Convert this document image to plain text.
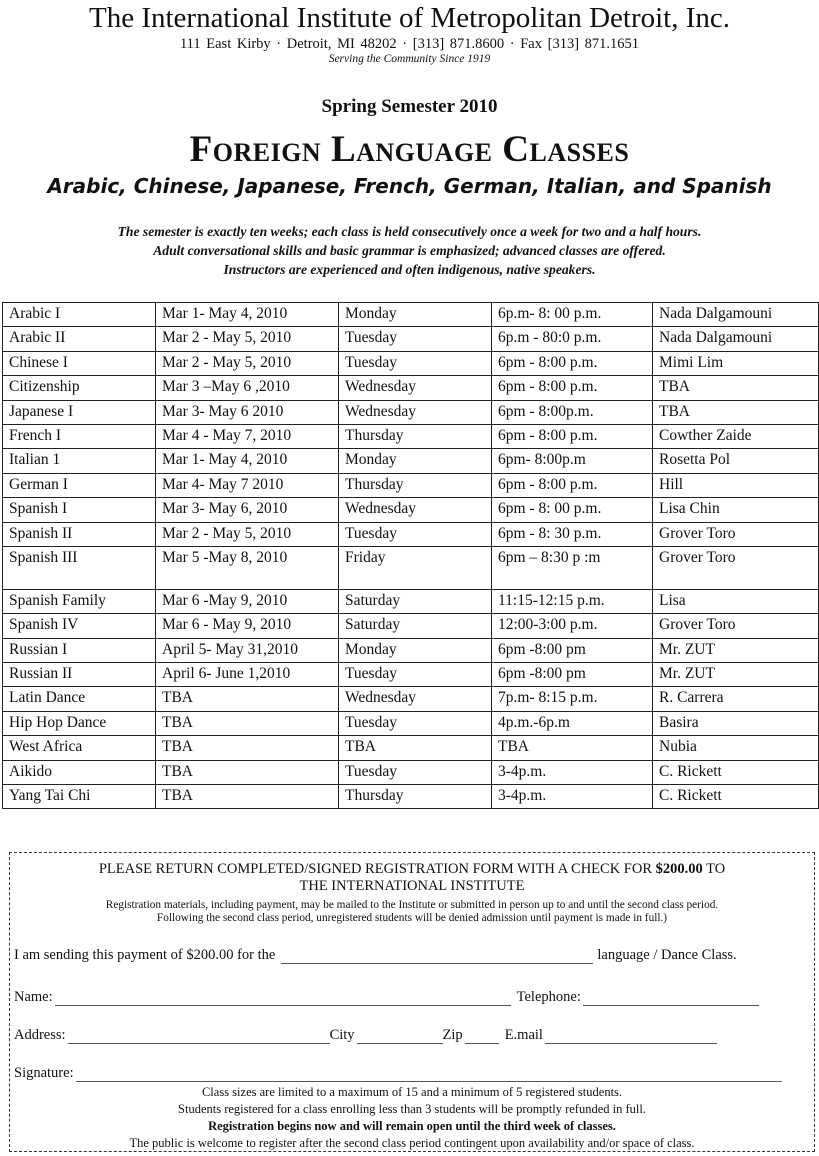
The International Institute of Metropolitan Detroit, Inc.
111 East Kirby · Detroit, MI 48202 · [313] 871.8600 · Fax [313] 871.1651
Serving the Community Since 1919
Spring Semester 2010
Foreign Language Classes
Arabic, Chinese, Japanese, French, German, Italian, and Spanish
The semester is exactly ten weeks; each class is held consecutively once a week for two and a half hours.
Adult conversational skills and basic grammar is emphasized; advanced classes are offered.
Instructors are experienced and often indigenous, native speakers.
Arabic I	Mar 1- May 4, 2010	Monday	6p.m- 8: 00 p.m.	Nada Dalgamouni
Arabic II	Mar 2 - May 5, 2010	Tuesday	6p.m - 80:0 p.m.	Nada Dalgamouni
Chinese I	Mar 2 - May 5, 2010	Tuesday	6pm - 8:00 p.m.	Mimi Lim
Citizenship	Mar 3 –May 6 ,2010	Wednesday	6pm - 8:00 p.m.	TBA
Japanese I	Mar 3- May 6 2010	Wednesday	6pm - 8:00p.m.	TBA
French I	Mar 4 - May 7, 2010	Thursday	6pm - 8:00 p.m.	Cowther Zaide
Italian 1	Mar 1- May 4, 2010	Monday	6pm- 8:00p.m	Rosetta Pol
German I	Mar 4- May 7 2010	Thursday	6pm - 8:00 p.m.	Hill
Spanish I	Mar 3- May 6, 2010	Wednesday	6pm - 8: 00 p.m.	Lisa Chin
Spanish II	Mar 2 - May 5, 2010	Tuesday	6pm - 8: 30 p.m.	Grover Toro
Spanish III	Mar 5 -May 8, 2010	Friday	6pm – 8:30 p :m	Grover Toro
Spanish Family	Mar 6 -May 9, 2010	Saturday	11:15-12:15 p.m.	Lisa
Spanish IV	Mar 6 - May 9, 2010	Saturday	12:00-3:00 p.m.	Grover Toro
Russian I	April 5- May 31,2010	Monday	6pm -8:00 pm	Mr. ZUT
Russian II	April 6- June 1,2010	Tuesday	6pm -8:00 pm	Mr. ZUT
Latin Dance	TBA	Wednesday	7p.m- 8:15 p.m.	R. Carrera
Hip Hop Dance	TBA	Tuesday	4p.m.-6p.m	Basira
West Africa	TBA	TBA	TBA	Nubia
Aikido	TBA	Tuesday	3-4p.m.	C. Rickett
Yang Tai Chi	TBA	Thursday	3-4p.m.	C. Rickett
PLEASE RETURN COMPLETED/SIGNED REGISTRATION FORM WITH A CHECK FOR $200.00 TO
THE INTERNATIONAL INSTITUTE
Registration materials, including payment, may be mailed to the Institute or submitted in person up to and until the second class period.
Following the second class period, unregistered students will be denied admission until payment is made in full.)
I am sending this payment of $200.00 for the	language / Dance Class.
Name:	Telephone:
Address:	City	Zip	E.mail
Signature:
Class sizes are limited to a maximum of 15 and a minimum of 5 registered students.
Students registered for a class enrolling less than 3 students will be promptly refunded in full.
Registration begins now and will remain open until the third week of classes.
The public is welcome to register after the second class period contingent upon availability and/or space of class.
